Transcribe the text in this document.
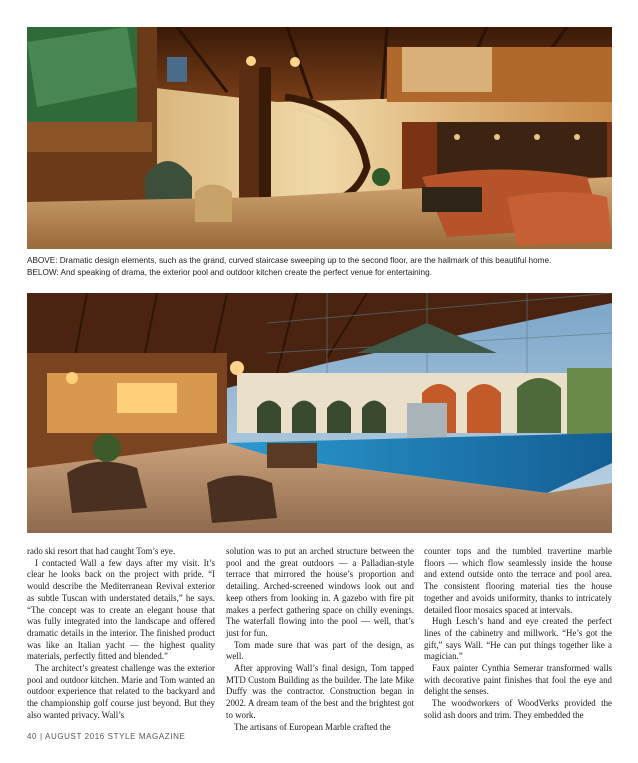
ABOVE: Dramatic design elements, such as the grand, curved staircase sweeping up to the second floor, are the hallmark of this beautiful home.

BELOW: And speaking of drama, the exterior pool and outdoor kitchen create the perfect venue for entertaining.

rado ski resort that had caught Tom’s eye.

I contacted Wall a few days after my visit. It’s clear he looks back on the project with pride. “I would describe the Mediterranean Revival exterior as subtle Tuscan with understated details,” he says. “The concept was to create an elegant house that was fully integrated into the landscape and offered dramatic details in the interior. The finished product was like an Italian yacht — the highest quality materials, perfectly fitted and blended.”

The architect’s greatest challenge was the exterior pool and outdoor kitchen. Marie and Tom wanted an outdoor experience that related to the backyard and the championship golf course just beyond. But they also wanted privacy. Wall’s

solution was to put an arched structure between the pool and the great outdoors — a Palladian-style terrace that mirrored the house’s proportion and detailing. Arched-screened windows look out and keep others from looking in. A gazebo with fire pit makes a perfect gathering space on chilly evenings. The waterfall flowing into the pool — well, that’s just for fun.

Tom made sure that was part of the design, as well.

After approving Wall’s final design, Tom tapped MTD Custom Building as the builder. The late Mike Duffy was the contractor. Construction began in 2002. A dream team of the best and the brightest got to work.

The artisans of European Marble crafted the

counter tops and the tumbled travertine marble floors — which flow seamlessly inside the house and extend outside onto the terrace and pool area. The consistent flooring material ties the house together and avoids uniformity, thanks to intricately detailed floor mosaics spaced at intervals.

Hugh Lesch’s hand and eye created the perfect lines of the cabinetry and millwork. “He’s got the gift,” says Wall. “He can put things together like a magician.”

Faux painter Cynthia Semerar transformed walls with decorative paint finishes that fool the eye and delight the senses.

The woodworkers of WoodVerks provided the solid ash doors and trim. They embedded the

40 | AUGUST 2016 STYLE MAGAZINE
